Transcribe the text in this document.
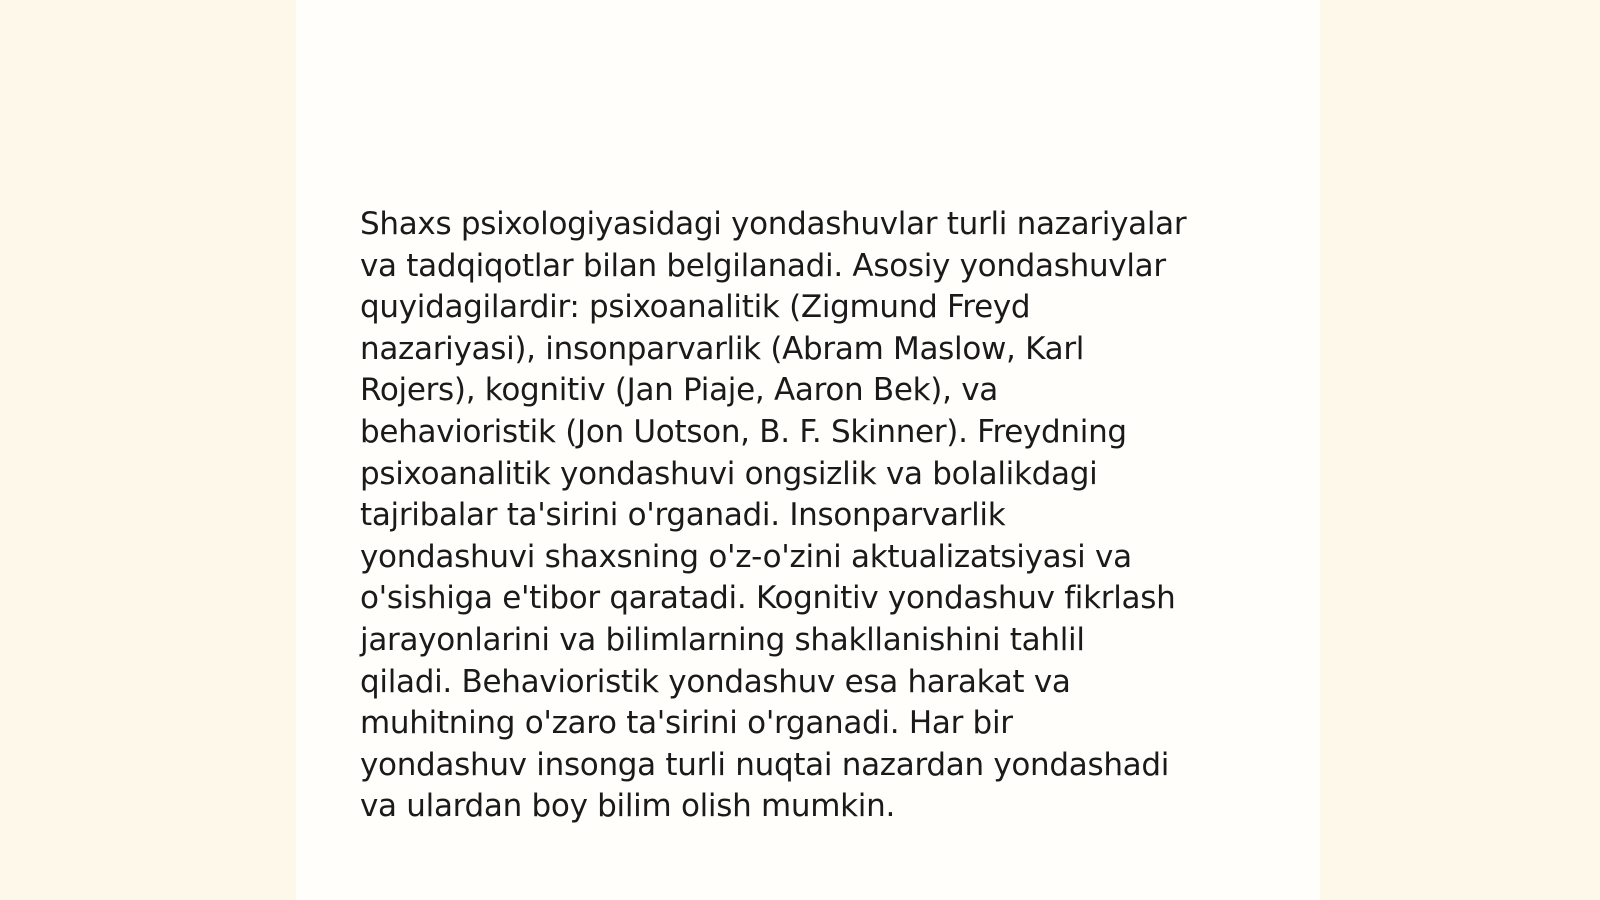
Shaxs psixologiyasidagi yondashuvlar turli nazariyalar
va tadqiqotlar bilan belgilanadi. Asosiy yondashuvlar
quyidagilardir: psixoanalitik (Zigmund Freyd
nazariyasi), insonparvarlik (Abram Maslow, Karl
Rojers), kognitiv (Jan Piaje, Aaron Bek), va
behavioristik (Jon Uotson, B. F. Skinner). Freydning
psixoanalitik yondashuvi ongsizlik va bolalikdagi
tajribalar ta'sirini o'rganadi. Insonparvarlik
yondashuvi shaxsning o'z-o'zini aktualizatsiyasi va
o'sishiga e'tibor qaratadi. Kognitiv yondashuv fikrlash
jarayonlarini va bilimlarning shakllanishini tahlil
qiladi. Behavioristik yondashuv esa harakat va
muhitning o'zaro ta'sirini o'rganadi. Har bir
yondashuv insonga turli nuqtai nazardan yondashadi
va ulardan boy bilim olish mumkin.
